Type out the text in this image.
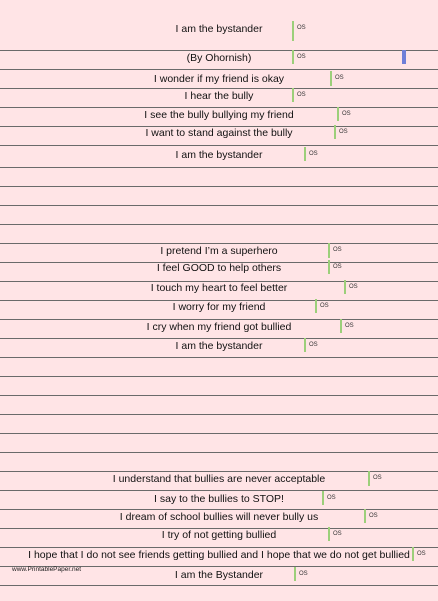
I am the bystander	OS
(By Ohornish)	OS
I wonder if my friend is okay	OS
I hear the bully	OS
I see the bully bullying my friend	OS
I want to stand against the bully	OS
I am the bystander	OS
I pretend I’m a superhero	OS
I feel GOOD to help others	OS
I touch my heart to feel better	OS
I worry for my friend	OS
I cry when my friend got bullied	OS
I am the bystander	OS
I understand that bullies are never acceptable	OS
I say to the bullies to STOP!	OS
I dream of school bullies will never bully us	OS
I try of not getting bullied	OS
I hope that I do not see friends getting bullied and I hope that we do not get bullied	OS
I am the Bystander	OS
www.PrintablePaper.net
